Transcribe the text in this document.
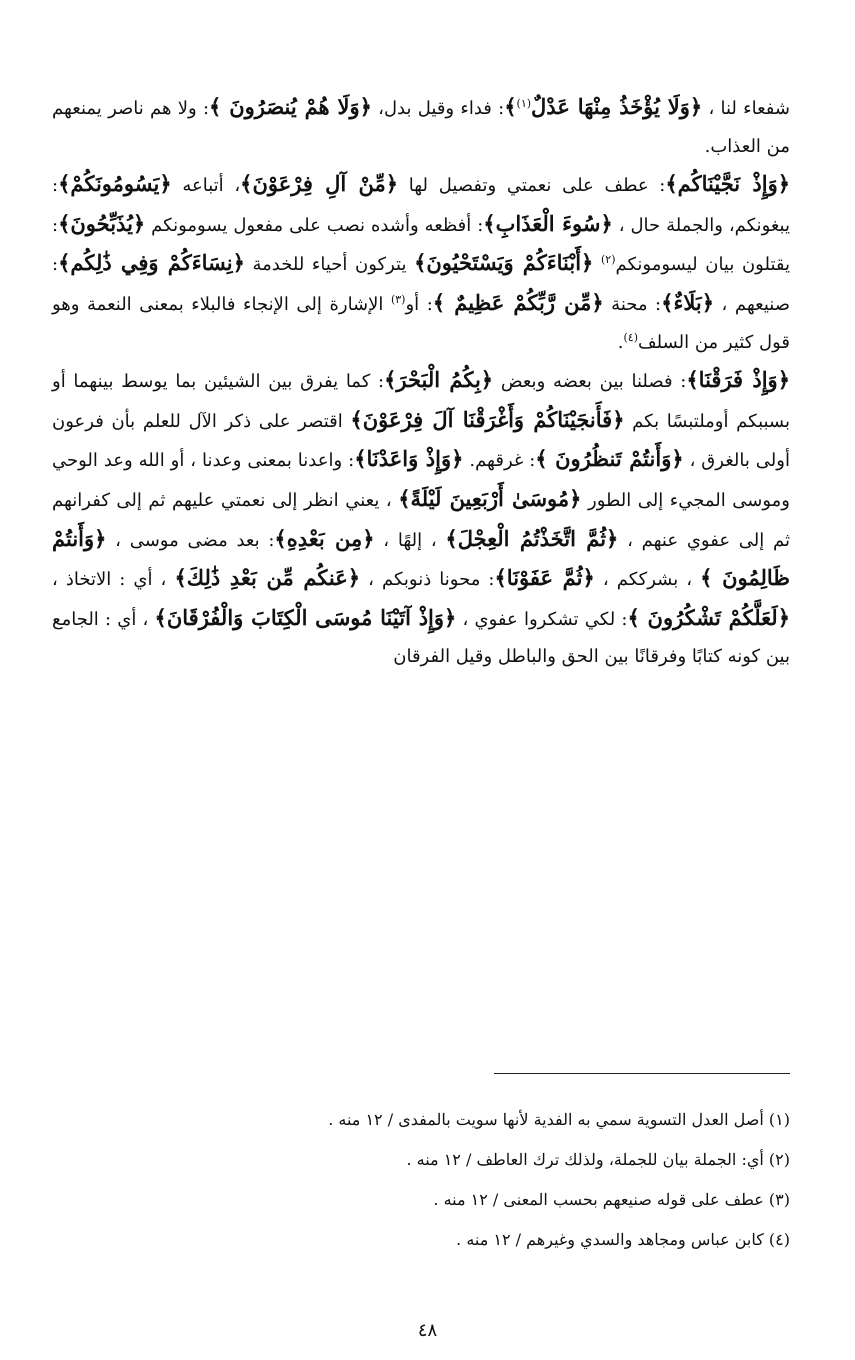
شفعاء لنا ، ﴿وَلَا يُؤْخَذُ مِنْهَا عَدْلٌ$^{(١)}$﴾: فداء وقيل بدل، ﴿وَلَا هُمْ يُنصَرُونَ ﴾: ولا هم ناصر يمنعهم من العذاب.

﴿وَإِذْ نَجَّيْنَاكُم﴾: عطف على نعمتي وتفصيل لها ﴿مِّنْ آلِ فِرْعَوْنَ﴾، أتباعه ﴿يَسُومُونَكُمْ﴾: يبغونكم، والجملة حال ، ﴿سُوءَ الْعَذَابِ﴾: أفظعه وأشده نصب على مفعول يسومونكم ﴿يُذَبِّحُونَ﴾: يقتلون بيان ليسومونكم$^{(٢)}$ ﴿أَبْنَاءَكُمْ وَيَسْتَحْيُونَ﴾ يتركون أحياء للخدمة ﴿نِسَاءَكُمْ وَفِي ذَٰلِكُم﴾: صنيعهم ، ﴿بَلَاءٌ﴾: محنة ﴿مِّن رَّبِّكُمْ عَظِيمٌ ﴾: أو$^{(٣)}$ الإشارة إلى الإنجاء فالبلاء بمعنى النعمة وهو قول كثير من السلف$^{(٤)}$.

﴿وَإِذْ فَرَقْنَا﴾: فصلنا بين بعضه وبعض ﴿بِكُمُ الْبَحْرَ﴾: كما يفرق بين الشيئين بما يوسط بينهما أو بسببكم أوملتبسًا بكم ﴿فَأَنجَيْنَاكُمْ وَأَغْرَقْنَا آلَ فِرْعَوْنَ﴾ اقتصر على ذكر الآل للعلم بأن فرعون أولى بالغرق ، ﴿وَأَنتُمْ تَنظُرُونَ ﴾: غرقهم. ﴿وَإِذْ وَاعَدْنَا﴾: واعدنا بمعنى وعدنا ، أو الله وعد الوحي وموسى المجيء إلى الطور ﴿مُوسَىٰ أَرْبَعِينَ لَيْلَةً﴾ ، يعني انظر إلى نعمتي عليهم ثم إلى كفرانهم ثم إلى عفوي عنهم ، ﴿ثُمَّ اتَّخَذْتُمُ الْعِجْلَ﴾ ، إلهًا ، ﴿مِن بَعْدِهِ﴾: بعد مضى موسى ، ﴿وَأَنتُمْ ظَالِمُونَ ﴾ ، بشرككم ، ﴿ثُمَّ عَفَوْنَا﴾: محونا ذنوبكم ، ﴿عَنكُم مِّن بَعْدِ ذَٰلِكَ﴾ ، أي : الاتخاذ ، ﴿لَعَلَّكُمْ تَشْكُرُونَ ﴾: لكي تشكروا عفوي ، ﴿وَإِذْ آتَيْنَا مُوسَى الْكِتَابَ وَالْفُرْقَانَ﴾ ، أي : الجامع بين كونه كتابًا وفرقانًا بين الحق والباطل وقيل الفرقان

(١) أصل العدل التسوية سمي به الفدية لأنها سويت بالمفدى / ١٢ منه .
(٢) أي: الجملة بيان للجملة، ولذلك ترك العاطف / ١٢ منه .
(٣) عطف على قوله صنيعهم بحسب المعنى / ١٢ منه .
(٤) كابن عباس ومجاهد والسدي وغيرهم / ١٢ منه .
٤٨
